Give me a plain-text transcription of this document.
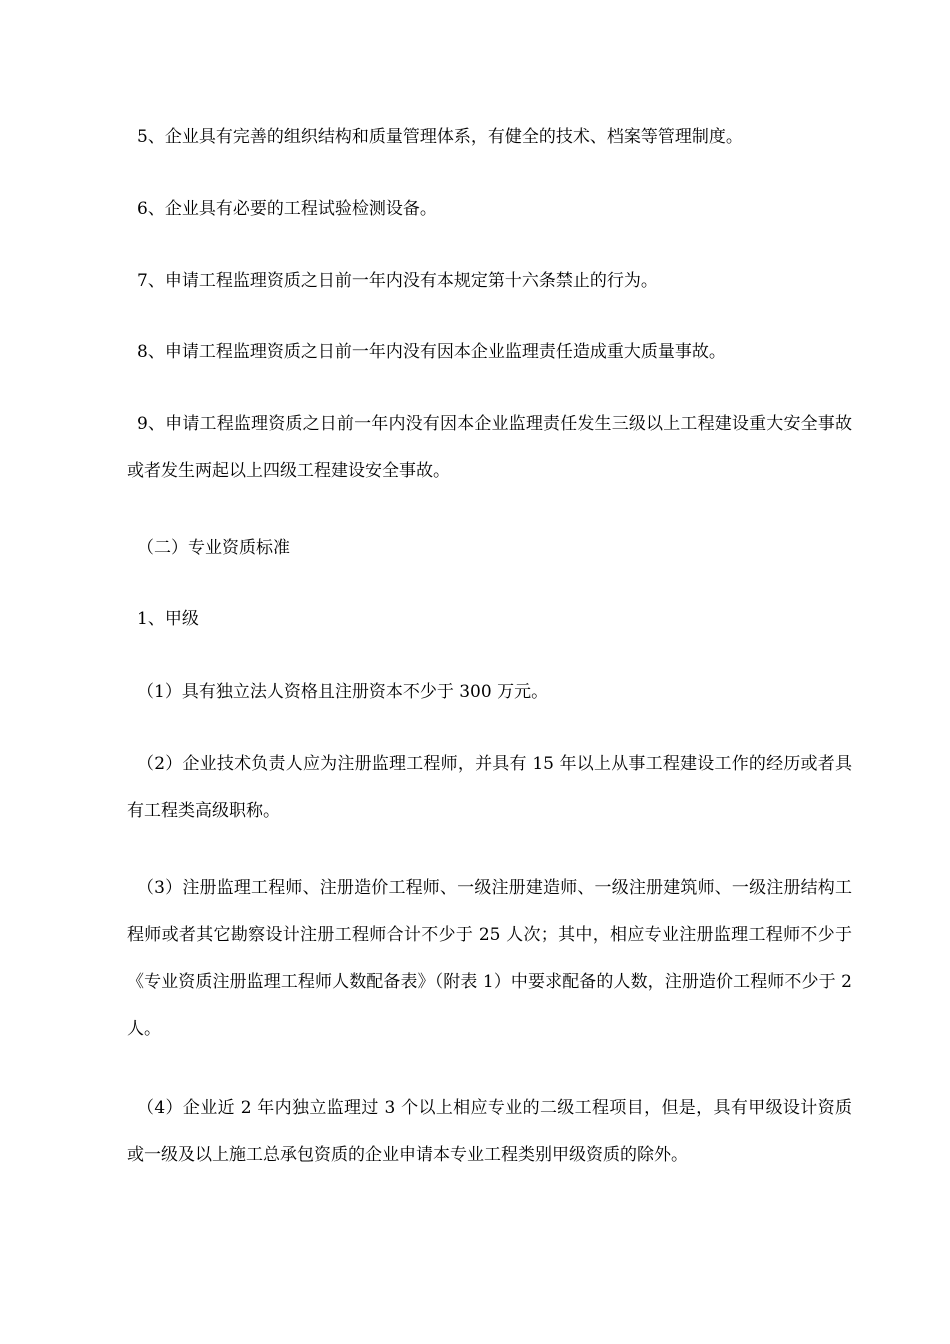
5、企业具有完善的组织结构和质量管理体系，有健全的技术、档案等管理制度。

6、企业具有必要的工程试验检测设备。

7、申请工程监理资质之日前一年内没有本规定第十六条禁止的行为。

8、申请工程监理资质之日前一年内没有因本企业监理责任造成重大质量事故。

9、申请工程监理资质之日前一年内没有因本企业监理责任发生三级以上工程建设重大安全事故或者发生两起以上四级工程建设安全事故。

（二）专业资质标准

1、甲级

（1）具有独立法人资格且注册资本不少于 300 万元。

（2）企业技术负责人应为注册监理工程师，并具有 15 年以上从事工程建设工作的经历或者具有工程类高级职称。

（3）注册监理工程师、注册造价工程师、一级注册建造师、一级注册建筑师、一级注册结构工程师或者其它勘察设计注册工程师合计不少于 25 人次；其中，相应专业注册监理工程师不少于《专业资质注册监理工程师人数配备表》（附表 1）中要求配备的人数，注册造价工程师不少于 2 人。

（4）企业近 2 年内独立监理过 3 个以上相应专业的二级工程项目，但是，具有甲级设计资质或一级及以上施工总承包资质的企业申请本专业工程类别甲级资质的除外。
